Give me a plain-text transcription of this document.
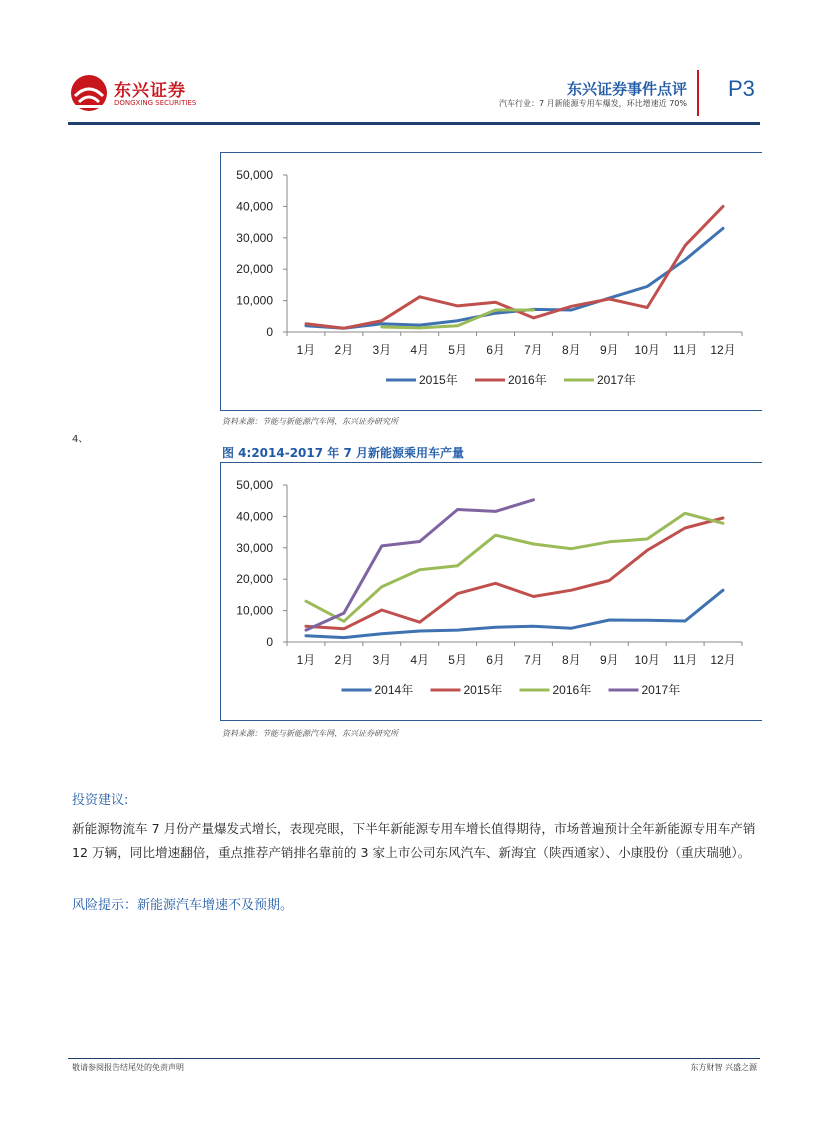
东兴证券
DONGXING SECURITIES
东兴证券事件点评
汽车行业：7 月新能源专用车爆发，环比增速近 70%
P3
50,000
40,000
30,000
20,000
10,000
0
1月 2月 3月 4月 5月 6月 7月 8月 9月 10月 11月 12月
2015年	2016年	2017年
资料来源：节能与新能源汽车网、东兴证券研究所
4、
图 4:2014-2017 年 7 月新能源乘用车产量
50,000
40,000
30,000
20,000
10,000
0
1月 2月 3月 4月 5月 6月 7月 8月 9月 10月 11月 12月
2014年	2015年	2016年	2017年
资料来源：节能与新能源汽车网、东兴证券研究所
投资建议:
新能源物流车 7 月份产量爆发式增长，表现亮眼，下半年新能源专用车增长值得期待，市场普遍预计全年新能源专用车产销 12 万辆，同比增速翻倍，重点推荐产销排名靠前的 3 家上市公司东风汽车、新海宜（陕西通家）、小康股份（重庆瑞驰）。
风险提示：新能源汽车增速不及预期。
敬请参阅报告结尾处的免责声明	东方财智 兴盛之源
